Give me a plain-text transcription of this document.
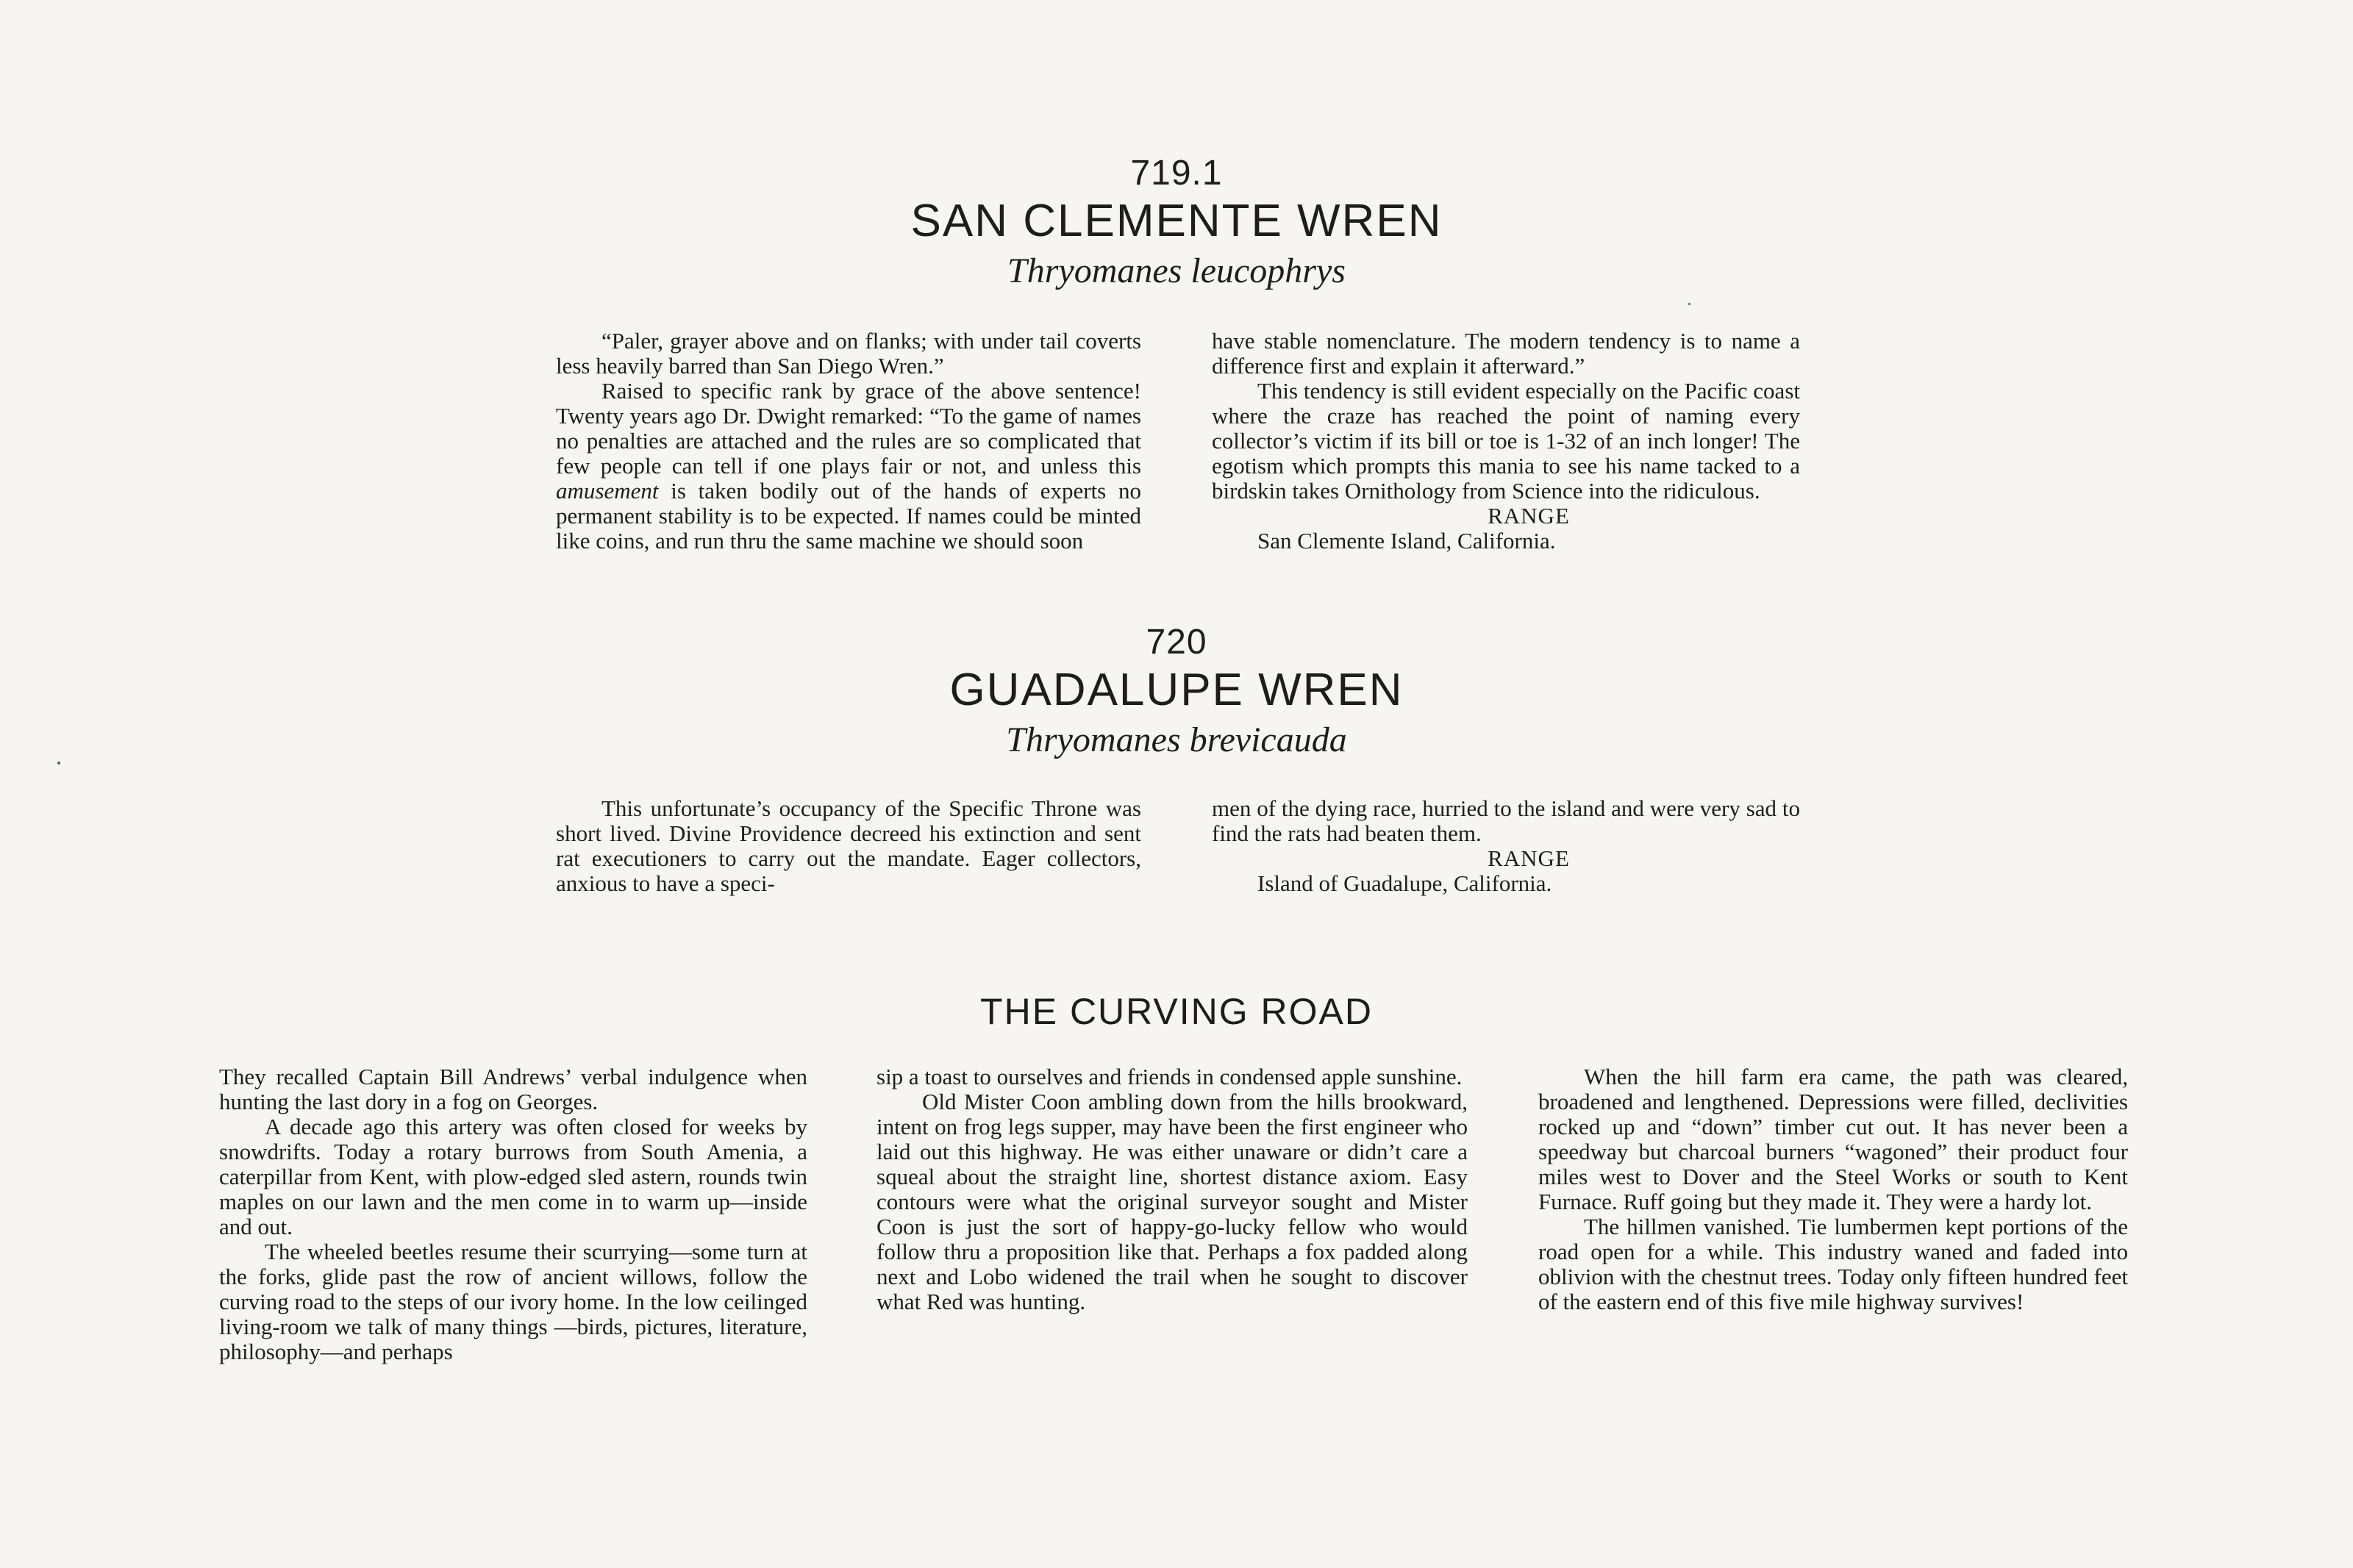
719.1
SAN CLEMENTE WREN
Thryomanes leucophrys

“Paler, grayer above and on flanks; with under tail coverts less heavily barred than San Diego Wren.”

Raised to specific rank by grace of the above sentence! Twenty years ago Dr. Dwight remarked: “To the game of names no penalties are attached and the rules are so complicated that few people can tell if one plays fair or not, and unless this amusement is taken bodily out of the hands of experts no permanent stability is to be expected. If names could be minted like coins, and run thru the same machine we should soon

have stable nomenclature. The modern tendency is to name a difference first and explain it afterward.”

This tendency is still evident especially on the Pacific coast where the craze has reached the point of naming every collector’s victim if its bill or toe is 1-32 of an inch longer! The egotism which prompts this mania to see his name tacked to a birdskin takes Ornithology from Science into the ridiculous.

RANGE

San Clemente Island, California.

720
GUADALUPE WREN
Thryomanes brevicauda

This unfortunate’s occupancy of the Specific Throne was short lived. Divine Providence decreed his extinction and sent rat executioners to carry out the mandate. Eager collectors, anxious to have a speci-

men of the dying race, hurried to the island and were very sad to find the rats had beaten them.

RANGE

Island of Guadalupe, California.

THE CURVING ROAD

They recalled Captain Bill Andrews’ verbal indulgence when hunting the last dory in a fog on Georges.

A decade ago this artery was often closed for weeks by snowdrifts. Today a rotary burrows from South Amenia, a caterpillar from Kent, with plow-edged sled astern, rounds twin maples on our lawn and the men come in to warm up—inside and out.

The wheeled beetles resume their scurrying—some turn at the forks, glide past the row of ancient willows, follow the curving road to the steps of our ivory home. In the low ceilinged living-room we talk of many things —birds, pictures, literature, philosophy—and perhaps

sip a toast to ourselves and friends in condensed apple sunshine.

Old Mister Coon ambling down from the hills brookward, intent on frog legs supper, may have been the first engineer who laid out this highway. He was either unaware or didn’t care a squeal about the straight line, shortest distance axiom. Easy contours were what the original surveyor sought and Mister Coon is just the sort of happy-go-lucky fellow who would follow thru a proposition like that. Perhaps a fox padded along next and Lobo widened the trail when he sought to discover what Red was hunting.

When the hill farm era came, the path was cleared, broadened and lengthened. Depressions were filled, declivities rocked up and “down” timber cut out. It has never been a speedway but charcoal burners “wagoned” their product four miles west to Dover and the Steel Works or south to Kent Furnace. Ruff going but they made it. They were a hardy lot.

The hillmen vanished. Tie lumbermen kept portions of the road open for a while. This industry waned and faded into oblivion with the chestnut trees. Today only fifteen hundred feet of the eastern end of this five mile highway survives!
